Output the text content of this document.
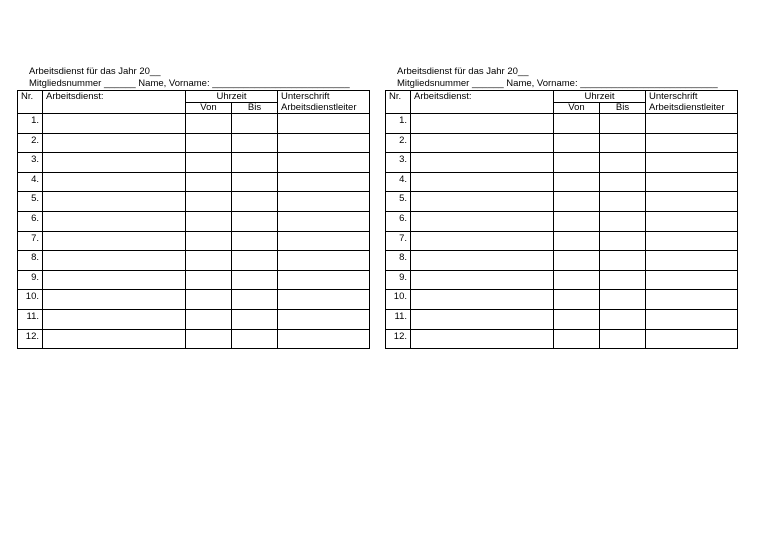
Arbeitsdienst für das Jahr 20__
Mitgliedsnummer ______ Name, Vorname: __________________________
Nr.	Arbeitsdienst:	Uhrzeit		Unterschrift
Arbeitsdienstleiter

		Von	Bis	
1.				
2.				
3.				
4.				
5.				
6.				
7.				
8.				
9.				
10.				
11.				
12.				
Arbeitsdienst für das Jahr 20__
Mitgliedsnummer ______ Name, Vorname: __________________________
Nr.	Arbeitsdienst:	Uhrzeit		Unterschrift
Arbeitsdienstleiter

		Von	Bis	
1.				
2.				
3.				
4.				
5.				
6.				
7.				
8.				
9.				
10.				
11.				
12.				
